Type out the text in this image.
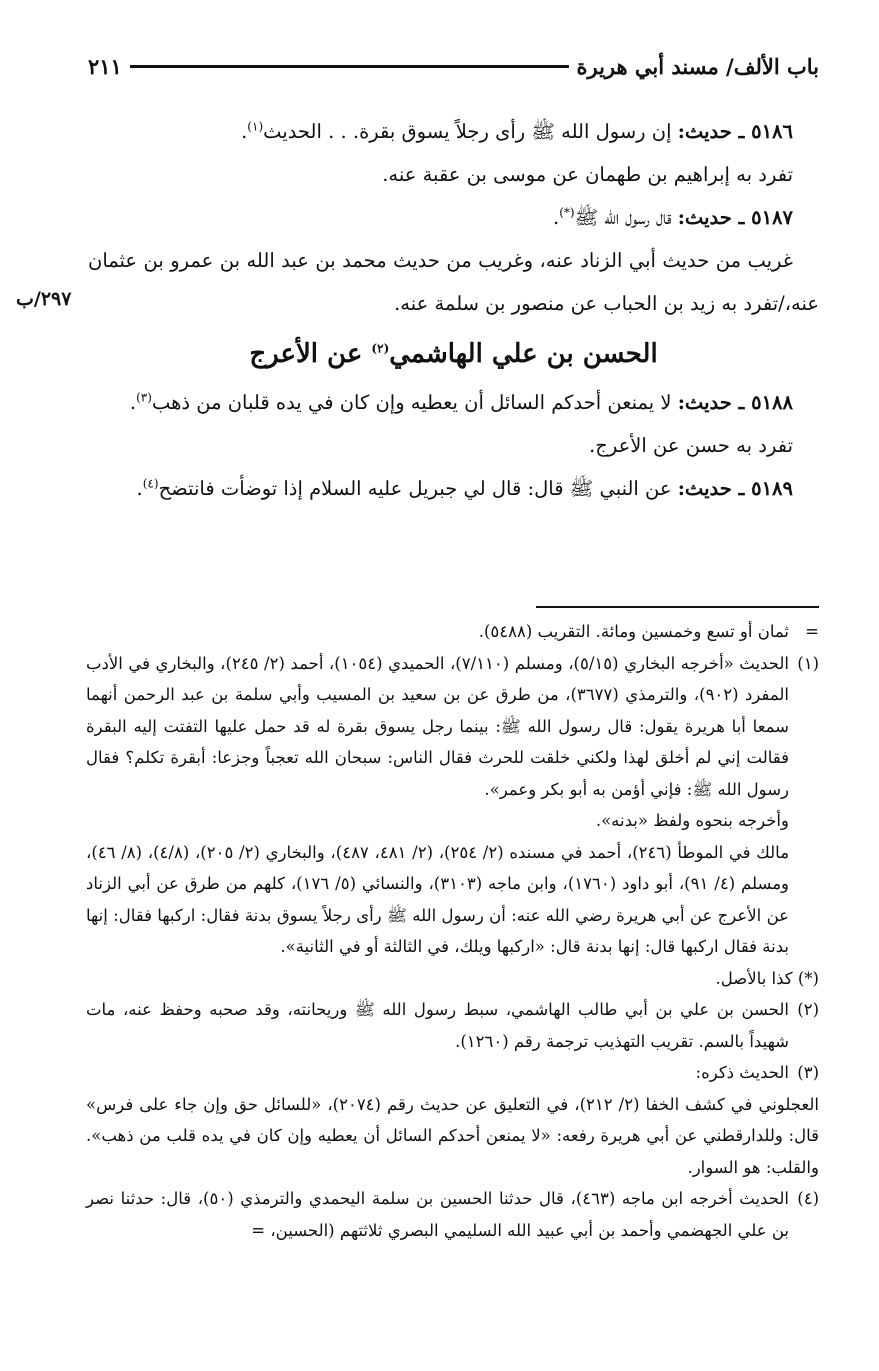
باب الألف/ مسند أبي هريرة
٢١١
٢٩٧/ب

٥١٨٦ ـ حديث: إن رسول الله ﷺ رأى رجلاً يسوق بقرة. . . الحديث$^{(١)}$.

تفرد به إبراهيم بن طهمان عن موسى بن عقبة عنه.

٥١٨٧ ـ حديث: قال رسول الله ﷺ(*).

غريب من حديث أبي الزناد عنه، وغريب من حديث محمد بن عبد الله بن عمرو بن عثمان عنه،/تفرد به زيد بن الحباب عن منصور بن سلمة عنه.

الحسن بن علي الهاشمي$^{(٢)}$ عن الأعرج

٥١٨٨ ـ حديث: لا يمنعن أحدكم السائل أن يعطيه وإن كان في يده قلبان من ذهب$^{(٣)}$.

تفرد به حسن عن الأعرج.

٥١٨٩ ـ حديث: عن النبي ﷺ قال: قال لي جبريل عليه السلام إذا توضأت فانتضح$^{(٤)}$.

=
ثمان أو تسع وخمسين ومائة. التقريب (٥٤٨٨).
(١)
الحديث «أخرجه البخاري (٥/١٥)، ومسلم (٧/١١٠)، الحميدي (١٠٥٤)، أحمد (٢/ ٢٤٥)، والبخاري في الأدب المفرد (٩٠٢)، والترمذي (٣٦٧٧)، من طرق عن بن سعيد بن المسيب وأبي سلمة بن عبد الرحمن أنهما سمعا أبا هريرة يقول: قال رسول الله ﷺ: بينما رجل يسوق بقرة له قد حمل عليها التفتت إليه البقرة فقالت إني لم أخلق لهذا ولكني خلقت للحرث فقال الناس: سبحان الله تعجباً وجزعا: أبقرة تكلم؟ فقال رسول الله ﷺ: فإني أؤمن به أبو بكر وعمر».
وأخرجه بنحوه ولفظ «بدنه».
مالك في الموطأ (٢٤٦)، أحمد في مسنده (٢/ ٢٥٤)، (٢/ ٤٨١، ٤٨٧)، والبخاري (٢/ ٢٠٥)، (٤/٨)، (٨/ ٤٦)، ومسلم (٤/ ٩١)، أبو داود (١٧٦٠)، وابن ماجه (٣١٠٣)، والنسائي (٥/ ١٧٦)، كلهم من طرق عن أبي الزناد عن الأعرج عن أبي هريرة رضي الله عنه: أن رسول الله ﷺ رأى رجلاً يسوق بدنة فقال: اركبها فقال: إنها بدنة فقال اركبها قال: إنها بدنة قال: «اركبها ويلك، في الثالثة أو في الثانية».
(*) كذا بالأصل.
(٢)
الحسن بن علي بن أبي طالب الهاشمي، سبط رسول الله ﷺ وريحانته، وقد صحبه وحفظ عنه، مات شهيداً بالسم. تقريب التهذيب ترجمة رقم (١٢٦٠).
(٣)
الحديث ذكره:
العجلوني في كشف الخفا (٢/ ٢١٢)، في التعليق عن حديث رقم (٢٠٧٤)، «للسائل حق وإن جاء على فرس» قال: وللدارقطني عن أبي هريرة رفعه: «لا يمنعن أحدكم السائل أن يعطيه وإن كان في يده قلب من ذهب». والقلب: هو السوار.
(٤)
الحديث أخرجه ابن ماجه (٤٦٣)، قال حدثنا الحسين بن سلمة اليحمدي والترمذي (٥٠)، قال: حدثنا نصر بن علي الجهضمي وأحمد بن أبي عبيد الله السليمي البصري ثلاثتهم (الحسين، =
